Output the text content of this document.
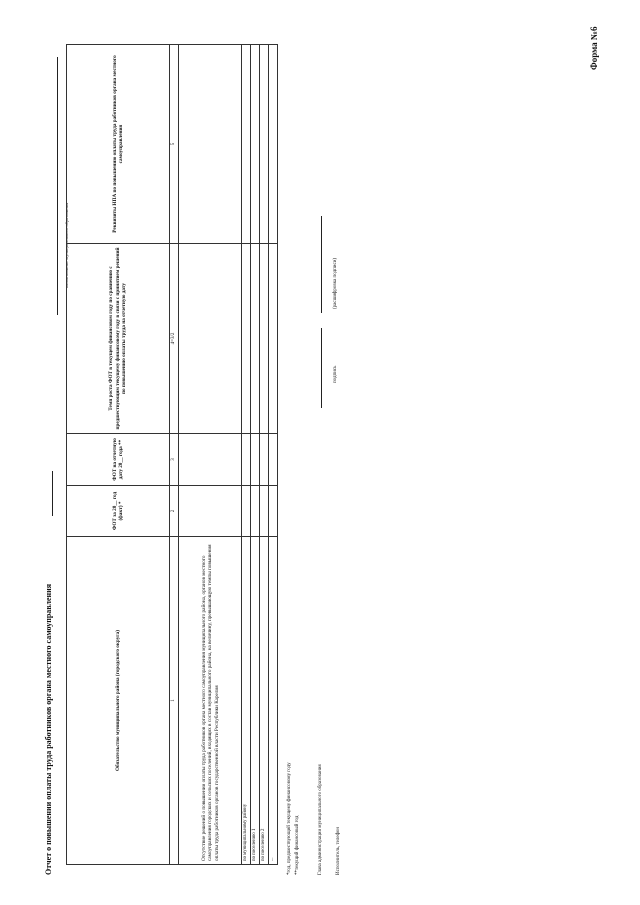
Форма №6
Отчет о повышении оплаты труда работников органа местного самоуправления
наименование муниципального образования
Обязательство муниципального района (городского округа)	ФОТ за 20__ год (факт) *	ФОТ на отчетную дату 20__ года **	Темп роста ФОТ в текущем финансовом году по сравнению с предшествующим текущему финансовому году в связи с принятием решений по повышению оплаты труда на отчетную дату	Реквизиты НПА по повышению оплаты труда работников органа местного самоуправления
1	2	3	4=3/2	5
Отсутствие решений о повышении оплаты труда работников органа местного самоуправления муниципального района, органов местного самоуправления городских и сельских поселений, входящих в состав муниципального района, на величину, превышающую темпы повышения оплаты труда работников органов государственной власти Республики Карелия				
по муниципальному району				
по поселению 1				
по поселению 2				
...				*год, предшествующий текущему финансовому году **текущий финансовый год	Глава администрации муниципального образования	Исполнитель, телефон
подпись
(расшифровка подписи)
